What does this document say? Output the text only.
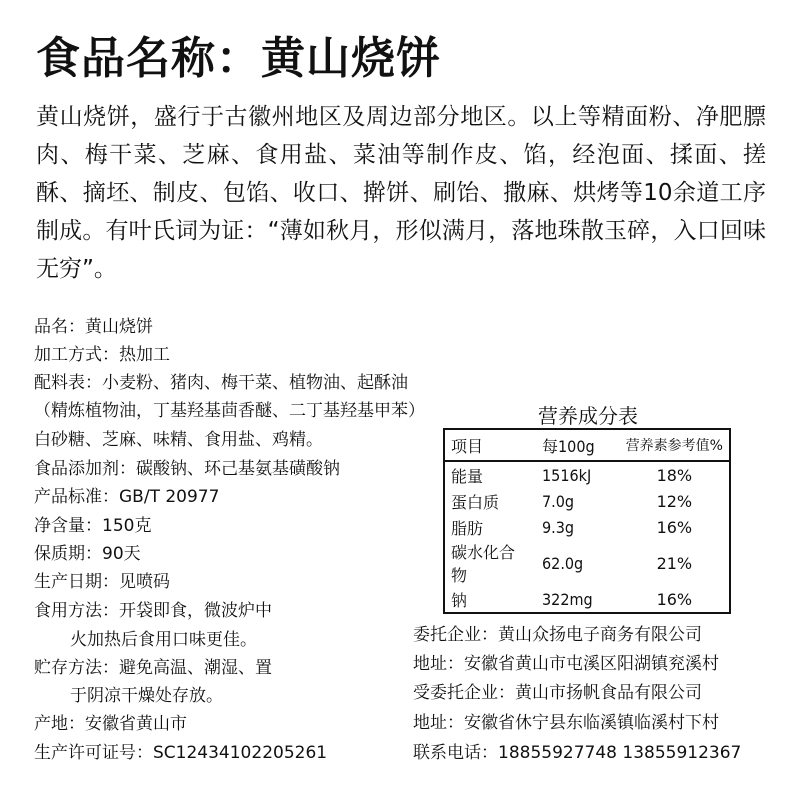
食品名称：黄山烧饼
黄山烧饼，盛行于古徽州地区及周边部分地区。以上等精面粉、净肥膘肉、梅干菜、芝麻、食用盐、菜油等制作皮、馅，经泡面、揉面、搓酥、摘坯、制皮、包馅、收口、擀饼、刷饴、撒麻、烘烤等10余道工序制成。有叶氏词为证：“薄如秋月，形似满月，落地珠散玉碎，入口回味无穷”。
品名：黄山烧饼
加工方式：热加工
配料表：小麦粉、猪肉、梅干菜、植物油、起酥油
（精炼植物油，丁基羟基茴香醚、二丁基羟基甲苯）
白砂糖、芝麻、味精、食用盐、鸡精。
食品添加剂：碳酸钠、环己基氨基磺酸钠
产品标准：GB/T 20977
净含量：150克
保质期：90天
生产日期：见喷码
食用方法：开袋即食，微波炉中
火加热后食用口味更佳。
贮存方法：避免高温、潮湿、置
于阴凉干燥处存放。
产地：安徽省黄山市
生产许可证号：SC12434102205261
营养成分表
项目	每100g	营养素参考值%
能量	1516kJ	18%
蛋白质	7.0g	12%
脂肪	9.3g	16%
碳水化合物	62.0g	21%
钠	322mg	16%
委托企业：黄山众扬电子商务有限公司
地址：安徽省黄山市屯溪区阳湖镇兖溪村
受委托企业：黄山市扬帆食品有限公司
地址：安徽省休宁县东临溪镇临溪村下村
联系电话：18855927748 13855912367
